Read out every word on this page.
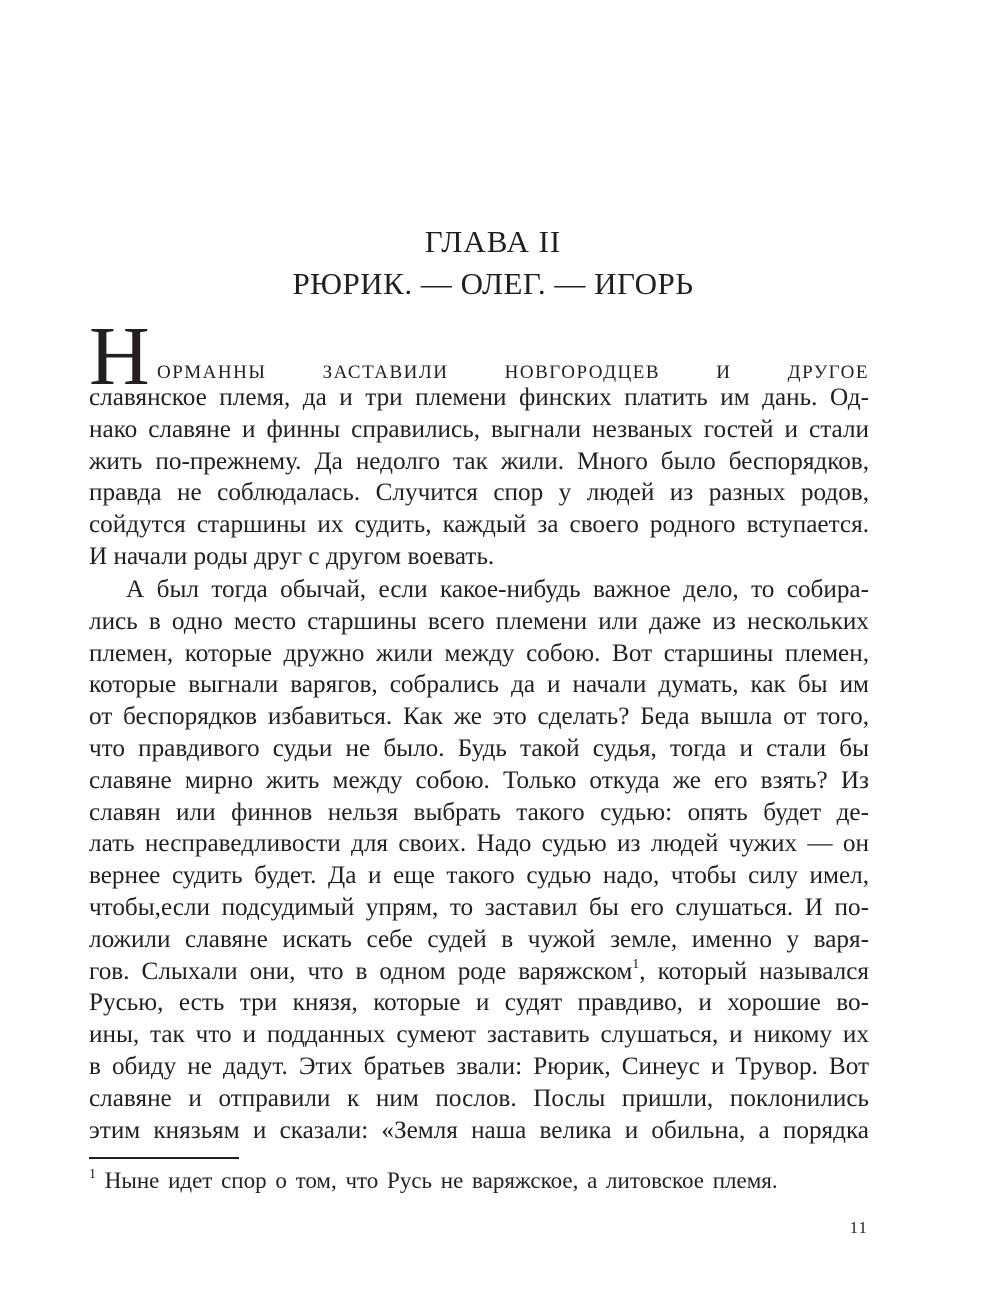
ГЛАВА II
РЮРИК. — ОЛЕГ. — ИГОРЬ
Н орманны заставили новгородцев и другое
славянское племя, да и три племени финских платить им дань. Од-
нако славяне и финны справились, выгнали незваных гостей и стали
жить по-прежнему. Да недолго так жили. Много было беспорядков,
правда не соблюдалась. Случится спор у людей из разных родов,
сойдутся старшины их судить, каждый за своего родного вступается.
И начали роды друг с другом воевать.
А был тогда обычай, если какое-нибудь важное дело, то собира-
лись в одно место старшины всего племени или даже из нескольких
племен, которые дружно жили между собою. Вот старшины племен,
которые выгнали варягов, собрались да и начали думать, как бы им
от беспорядков избавиться. Как же это сделать? Беда вышла от того,
что правдивого судьи не было. Будь такой судья, тогда и стали бы
славяне мирно жить между собою. Только откуда же его взять? Из
славян или финнов нельзя выбрать такого судью: опять будет де-
лать несправедливости для своих. Надо судью из людей чужих — он
вернее судить будет. Да и еще такого судью надо, чтобы силу имел,
чтобы,если подсудимый упрям, то заставил бы его слушаться. И по-
ложили славяне искать себе судей в чужой земле, именно у варя-
гов. Слыхали они, что в одном роде варяжском$^1$, который назывался
Русью, есть три князя, которые и судят правдиво, и хорошие во-
ины, так что и подданных сумеют заставить слушаться, и никому их
в обиду не дадут. Этих братьев звали: Рюрик, Синеус и Трувор. Вот
славяне и отправили к ним послов. Послы пришли, поклонились
этим князьям и сказали: «Земля наша велика и обильна, а порядка
$^1$ Ныне идет спор о том, что Русь не варяжское, а литовское племя.
11
